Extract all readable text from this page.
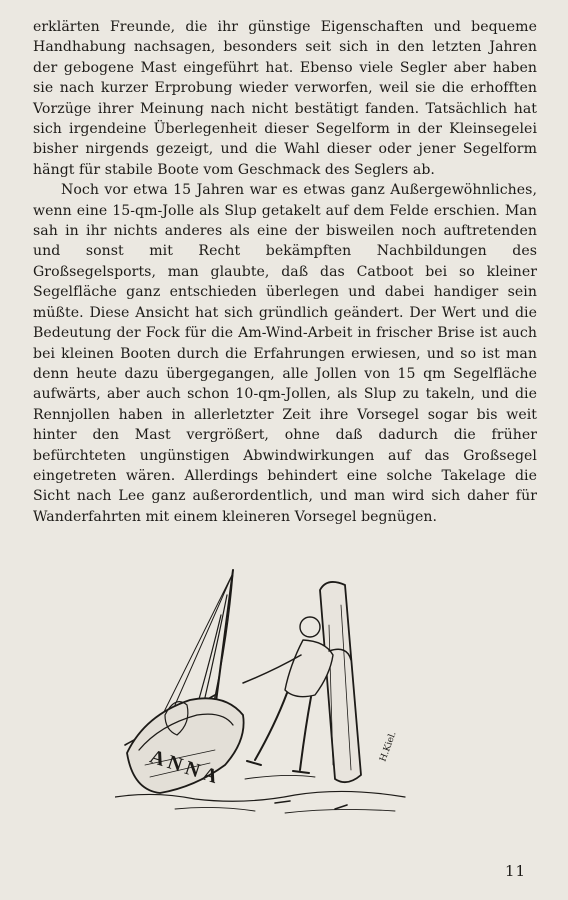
erklärten Freunde, die ihr günstige Eigenschaften und bequeme Handhabung nachsagen, besonders seit sich in den letzten Jahren der gebogene Mast eingeführt hat. Ebenso viele Segler aber haben sie nach kurzer Erprobung wieder verworfen, weil sie die erhofften Vorzüge ihrer Meinung nach nicht bestätigt fanden. Tatsächlich hat sich irgendeine Überlegenheit dieser Segelform in der Kleinsegelei bisher nirgends gezeigt, und die Wahl dieser oder jener Segelform hängt für stabile Boote vom Geschmack des Seglers ab.

Noch vor etwa 15 Jahren war es etwas ganz Außergewöhnliches, wenn eine 15-qm-Jolle als Slup getakelt auf dem Felde erschien. Man sah in ihr nichts anderes als eine der bisweilen noch auftretenden und sonst mit Recht bekämpften Nachbildungen des Großsegelsports, man glaubte, daß das Catboot bei so kleiner Segelfläche ganz entschieden überlegen und dabei handiger sein müßte. Diese Ansicht hat sich gründlich geändert. Der Wert und die Bedeutung der Fock für die Am-Wind-Arbeit in frischer Brise ist auch bei kleinen Booten durch die Erfahrungen erwiesen, und so ist man denn heute dazu übergegangen, alle Jollen von 15 qm Segelfläche aufwärts, aber auch schon 10-qm-Jollen, als Slup zu takeln, und die Rennjollen haben in allerletzter Zeit ihre Vorsegel sogar bis weit hinter den Mast vergrößert, ohne daß dadurch die früher befürchteten ungünstigen Abwindwirkungen auf das Großsegel eingetreten wären. Allerdings behindert eine solche Takelage die Sicht nach Lee ganz außerordentlich, und man wird sich daher für Wanderfahrten mit einem kleineren Vorsegel begnügen.

ANNA	H.Kiel.
11
